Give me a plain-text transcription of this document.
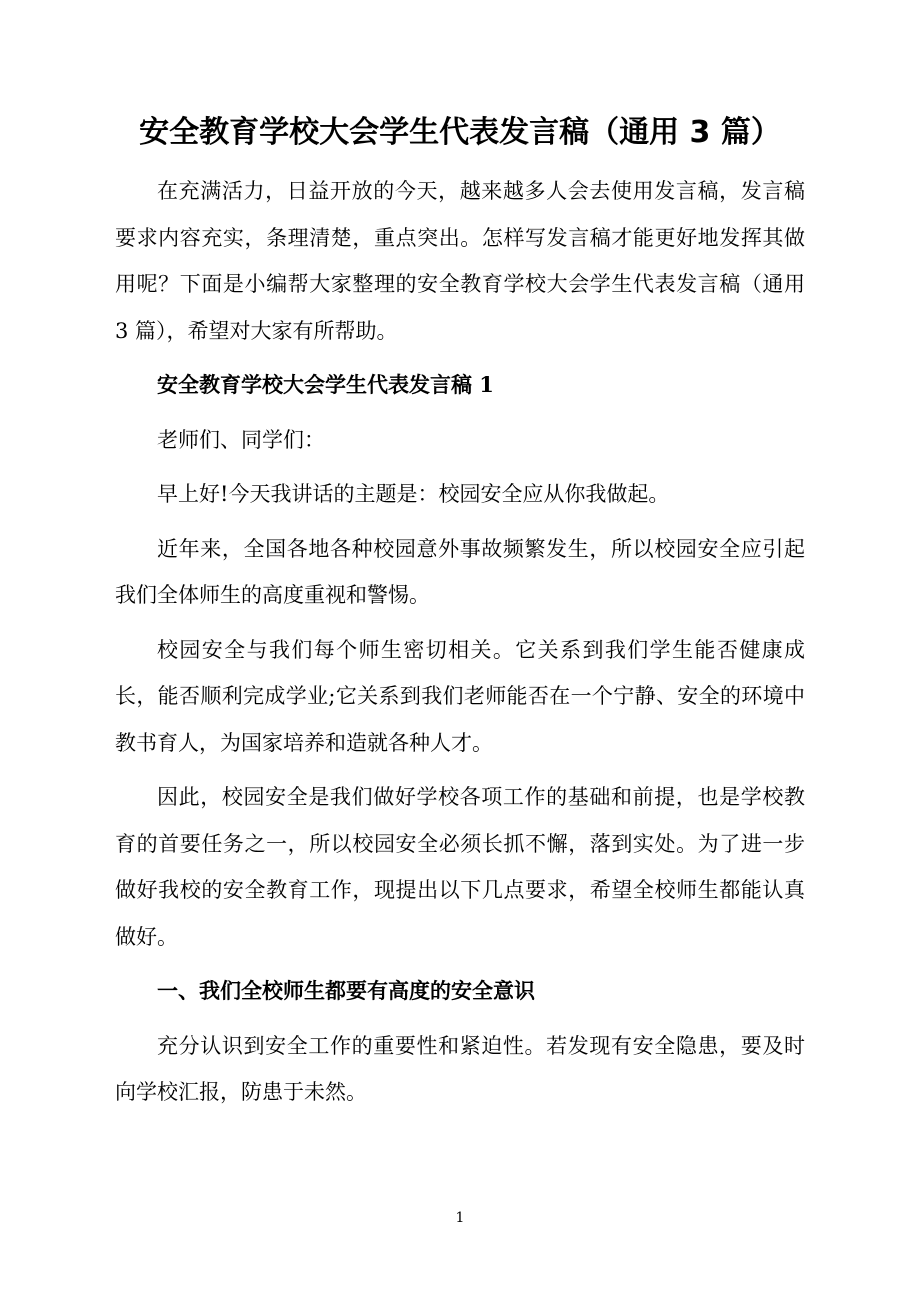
安全教育学校大会学生代表发言稿（通用 3 篇）

在充满活力，日益开放的今天，越来越多人会去使用发言稿，发言稿要求内容充实，条理清楚，重点突出。怎样写发言稿才能更好地发挥其做用呢？下面是小编帮大家整理的安全教育学校大会学生代表发言稿（通用 3 篇），希望对大家有所帮助。

安全教育学校大会学生代表发言稿 1

老师们、同学们：

早上好!今天我讲话的主题是：校园安全应从你我做起。

近年来，全国各地各种校园意外事故频繁发生，所以校园安全应引起我们全体师生的高度重视和警惕。

校园安全与我们每个师生密切相关。它关系到我们学生能否健康成长，能否顺利完成学业;它关系到我们老师能否在一个宁静、安全的环境中教书育人，为国家培养和造就各种人才。

因此，校园安全是我们做好学校各项工作的基础和前提，也是学校教育的首要任务之一，所以校园安全必须长抓不懈，落到实处。为了进一步做好我校的安全教育工作，现提出以下几点要求，希望全校师生都能认真做好。

一、我们全校师生都要有高度的安全意识

充分认识到安全工作的重要性和紧迫性。若发现有安全隐患，要及时向学校汇报，防患于未然。

1
